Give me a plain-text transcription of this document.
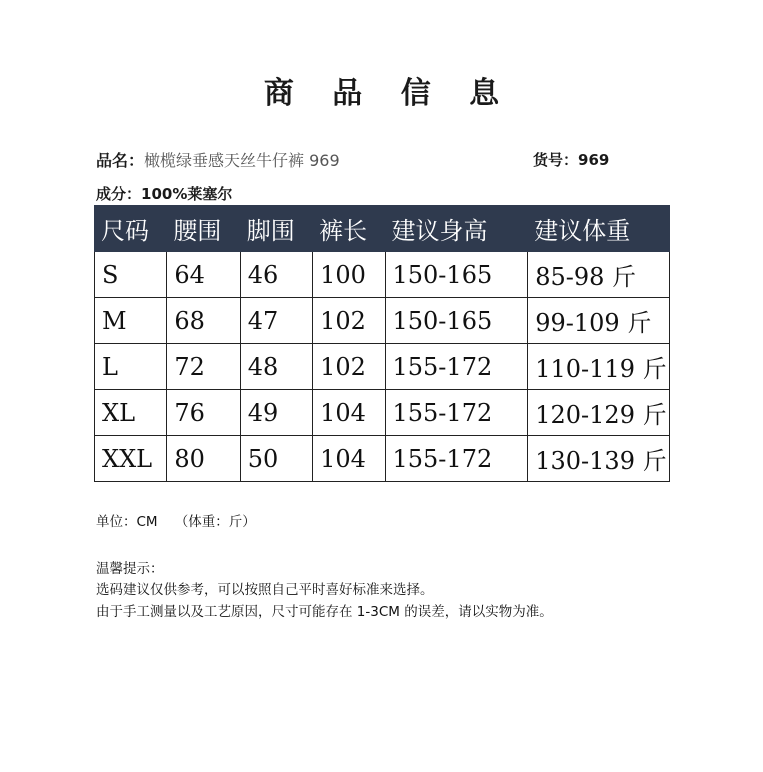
商 品 信 息
品名：橄榄绿垂感天丝牛仔裤 969	货号：969
成分：100%莱塞尔
尺码	腰围	脚围	裤长	建议身高	建议体重
S	64	46	100	150-165	85-98 斤
M	68	47	102	150-165	99-109 斤
L	72	48	102	155-172	110-119 斤
XL	76	49	104	155-172	120-129 斤
XXL	80	50	104	155-172	130-139 斤
单位：CM    （体重：斤）
温馨提示：
选码建议仅供参考，可以按照自己平时喜好标准来选择。
由于手工测量以及工艺原因，尺寸可能存在 1-3CM 的误差，请以实物为准。
